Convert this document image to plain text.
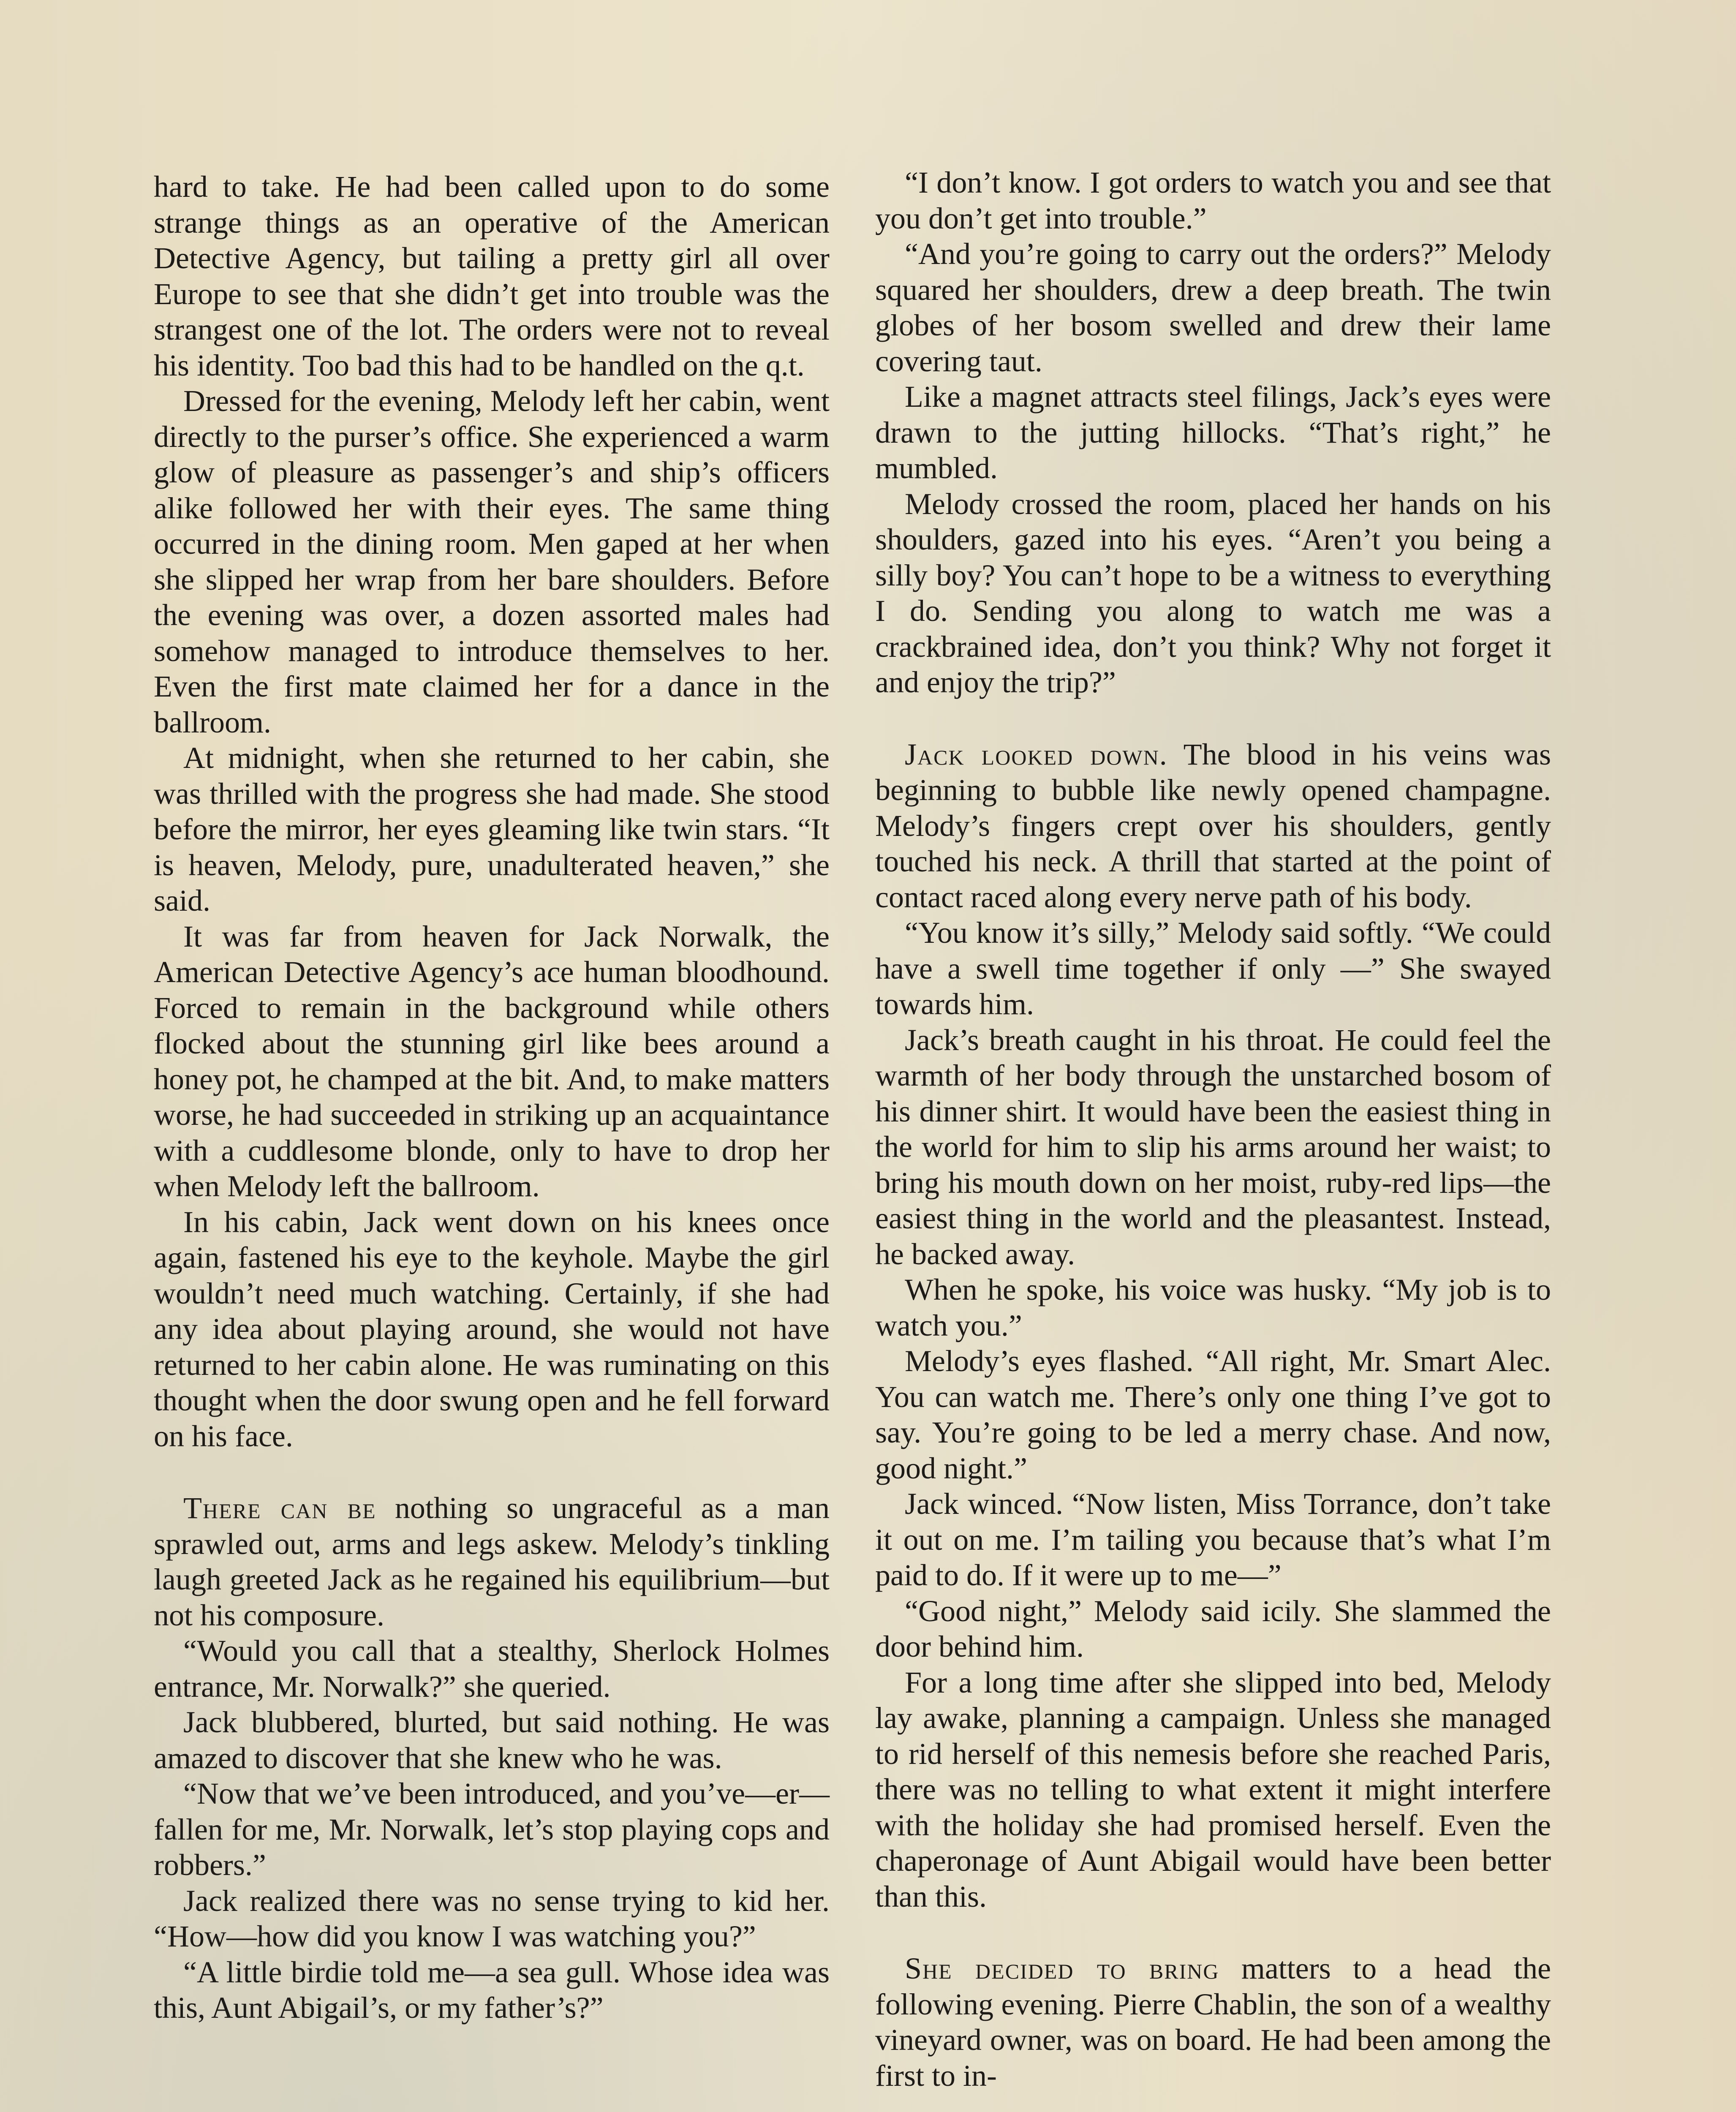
hard to take. He had been called upon to do some strange things as an operative of the American Detective Agency, but tailing a pretty girl all over Europe to see that she didn’t get into trouble was the strangest one of the lot. The orders were not to reveal his identity. Too bad this had to be handled on the q.t.

Dressed for the evening, Melody left her cabin, went directly to the purser’s office. She experienced a warm glow of pleasure as passenger’s and ship’s officers alike followed her with their eyes. The same thing occurred in the dining room. Men gaped at her when she slipped her wrap from her bare shoulders. Before the evening was over, a dozen assorted males had somehow managed to introduce themselves to her. Even the first mate claimed her for a dance in the ballroom.

At midnight, when she returned to her cabin, she was thrilled with the progress she had made. She stood before the mirror, her eyes gleaming like twin stars. “It is heaven, Melody, pure, unadulterated heaven,” she said.

It was far from heaven for Jack Norwalk, the American Detective Agency’s ace human bloodhound. Forced to remain in the background while others flocked about the stunning girl like bees around a honey pot, he champed at the bit. And, to make matters worse, he had succeeded in striking up an acquaintance with a cuddlesome blonde, only to have to drop her when Melody left the ballroom.

In his cabin, Jack went down on his knees once again, fastened his eye to the keyhole. Maybe the girl wouldn’t need much watching. Certainly, if she had any idea about playing around, she would not have returned to her cabin alone. He was ruminating on this thought when the door swung open and he fell forward on his face.

There can be nothing so ungraceful as a man sprawled out, arms and legs askew. Melody’s tinkling laugh greeted Jack as he regained his equilibrium—but not his composure.

“Would you call that a stealthy, Sherlock Holmes entrance, Mr. Norwalk?” she queried.

Jack blubbered, blurted, but said nothing. He was amazed to discover that she knew who he was.

“Now that we’ve been introduced, and you’ve—er—fallen for me, Mr. Norwalk, let’s stop playing cops and robbers.”

Jack realized there was no sense trying to kid her. “How—how did you know I was watching you?”

“A little birdie told me—a sea gull. Whose idea was this, Aunt Abigail’s, or my father’s?”

“I don’t know. I got orders to watch you and see that you don’t get into trouble.”

“And you’re going to carry out the orders?” Melody squared her shoulders, drew a deep breath. The twin globes of her bosom swelled and drew their lame covering taut.

Like a magnet attracts steel filings, Jack’s eyes were drawn to the jutting hillocks. “That’s right,” he mumbled.

Melody crossed the room, placed her hands on his shoulders, gazed into his eyes. “Aren’t you being a silly boy? You can’t hope to be a witness to everything I do. Sending you along to watch me was a crackbrained idea, don’t you think? Why not forget it and enjoy the trip?”

Jack looked down. The blood in his veins was beginning to bubble like newly opened champagne. Melody’s fingers crept over his shoulders, gently touched his neck. A thrill that started at the point of contact raced along every nerve path of his body.

“You know it’s silly,” Melody said softly. “We could have a swell time together if only —” She swayed towards him.

Jack’s breath caught in his throat. He could feel the warmth of her body through the unstarched bosom of his dinner shirt. It would have been the easiest thing in the world for him to slip his arms around her waist; to bring his mouth down on her moist, ruby-red lips—the easiest thing in the world and the pleasantest. Instead, he backed away.

When he spoke, his voice was husky. “My job is to watch you.”

Melody’s eyes flashed. “All right, Mr. Smart Alec. You can watch me. There’s only one thing I’ve got to say. You’re going to be led a merry chase. And now, good night.”

Jack winced. “Now listen, Miss Torrance, don’t take it out on me. I’m tailing you because that’s what I’m paid to do. If it were up to me—”

“Good night,” Melody said icily. She slammed the door behind him.

For a long time after she slipped into bed, Melody lay awake, planning a campaign. Unless she managed to rid herself of this nemesis before she reached Paris, there was no telling to what extent it might interfere with the holiday she had promised herself. Even the chaperonage of Aunt Abigail would have been better than this.

She decided to bring matters to a head the following evening. Pierre Chablin, the son of a wealthy vineyard owner, was on board. He had been among the first to in-
